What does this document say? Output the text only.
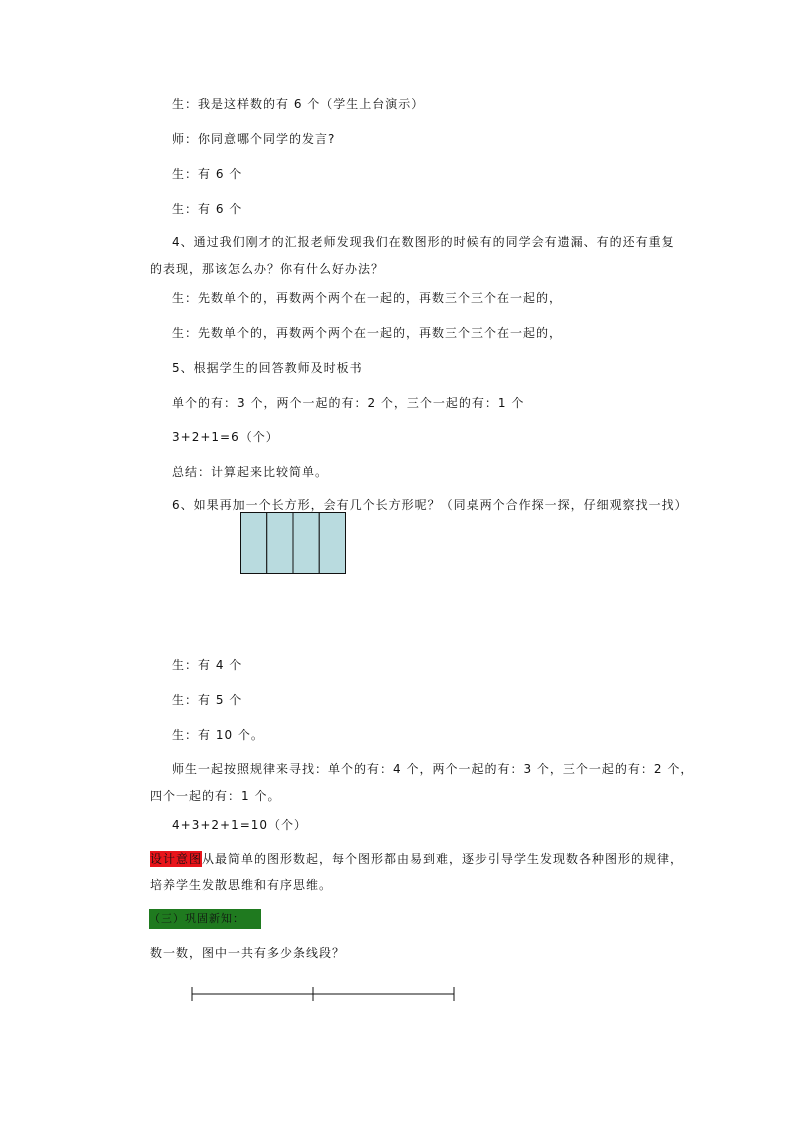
生：我是这样数的有 6 个（学生上台演示）
师：你同意哪个同学的发言?
生：有 6 个
生：有 6 个
4、通过我们刚才的汇报老师发现我们在数图形的时候有的同学会有遗漏、有的还有重复的表现，那该怎么办？你有什么好办法？
生：先数单个的，再数两个两个在一起的，再数三个三个在一起的，
生：先数单个的，再数两个两个在一起的，再数三个三个在一起的，
5、根据学生的回答教师及时板书
单个的有：3 个，两个一起的有：2 个，三个一起的有：1 个
3+2+1=6（个）
总结：计算起来比较简单。
6、如果再加一个长方形，会有几个长方形呢？（同桌两个合作探一探，仔细观察找一找）
生：有 4 个
生：有 5 个
生：有 10 个。
师生一起按照规律来寻找：单个的有：4 个，两个一起的有：3 个，三个一起的有：2 个，四个一起的有：1 个。
4+3+2+1=10（个）
设计意图从最简单的图形数起，每个图形都由易到难，逐步引导学生发现数各种图形的规律，培养学生发散思维和有序思维。
（三）巩固新知：
数一数，图中一共有多少条线段？
